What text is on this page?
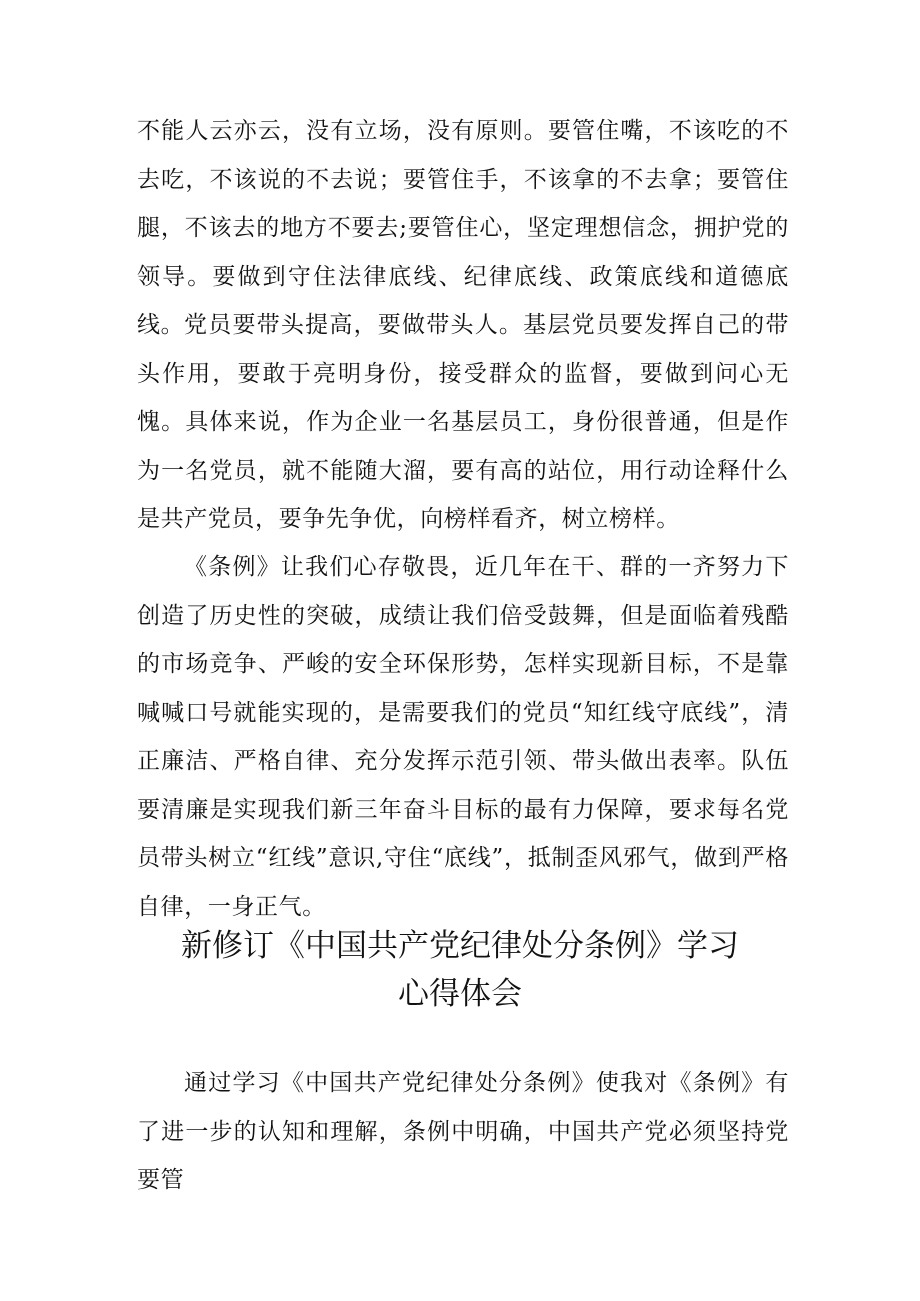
不能人云亦云，没有立场，没有原则。要管住嘴，不该吃的不去吃，不该说的不去说；要管住手，不该拿的不去拿；要管住腿，不该去的地方不要去;要管住心，坚定理想信念，拥护党的领导。要做到守住法律底线、纪律底线、政策底线和道德底线。 党员要带头提高，要做带头人。基层党员要发挥自己的带头作用，要敢于亮明身份，接受群众的监督，要做到问心无愧。具体来说，作为企业一名基层员工，身份很普通，但是作为一名党员，就不能随大溜，要有高的站位，用行动诠释什么是共产党员，要争先争优，向榜样看齐，树立榜样。

《条例》让我们心存敬畏，近几年在干、群的一齐努力下创造了历史性的突破，成绩让我们倍受鼓舞，但是面临着残酷的市场竞争、严峻的安全环保形势，怎样实现新目标，不是靠喊喊口号就能实现的，是需要我们的党员“知红线守底线”，清正廉洁、严格自律、充分发挥示范引领、带头做出表率。队伍要清廉是实现我们新三年奋斗目标的最有力保障，要求每名党员带头树立“红线”意识,守住“底线”，抵制歪风邪气，做到严格自律，一身正气。

新修订《中国共产党纪律处分条例》学习
心得体会

通过学习《中国共产党纪律处分条例》使我对《条例》有了进一步的认知和理解，条例中明确，中国共产党必须坚持党要管
